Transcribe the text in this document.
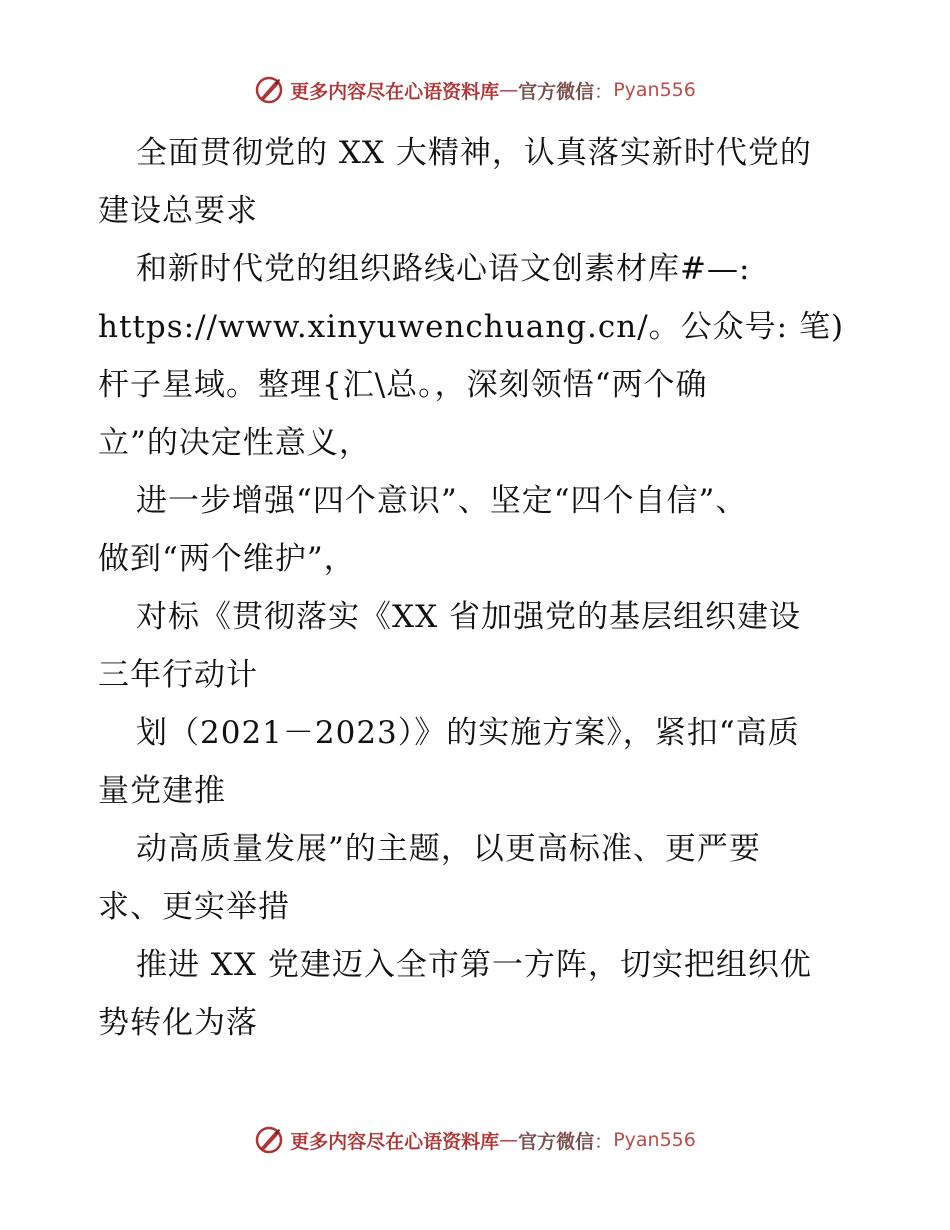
更多内容尽在心语资料库 — 官方微信 ： Pyan556

全面贯彻党的 XX 大精神，认真落实新时代党的
建设总要求

和新时代党的组织路线心语文创素材库#—:
https://www.xinyuwenchuang.cn/。公众号: 笔)
杆子星域。整理{汇\总。，深刻领悟“两个确
立”的决定性意义，

进一步增强“四个意识”、坚定“四个自信”、
做到“两个维护”，

对标《贯彻落实《XX 省加强党的基层组织建设
三年行动计

划（2021－2023）》的实施方案》，紧扣“高质
量党建推

动高质量发展”的主题，以更高标准、更严要
求、更实举措

推进 XX 党建迈入全市第一方阵，切实把组织优
势转化为落

更多内容尽在心语资料库 — 官方微信 ： Pyan556
